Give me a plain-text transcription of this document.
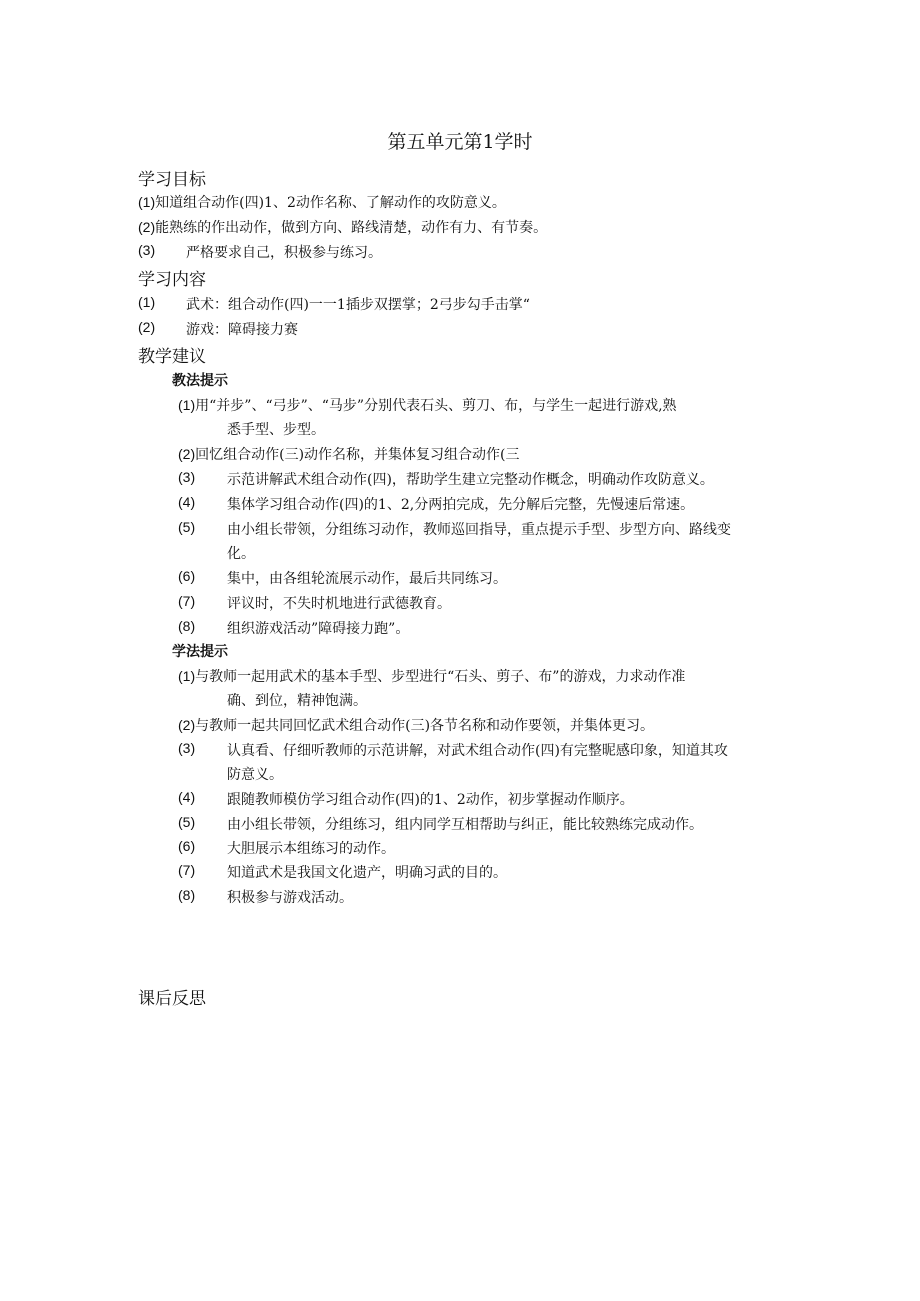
第五单元第1学时
学习目标
(1)知道组合动作(四)1、2动作名称、了解动作的攻防意义。
(2)能熟练的作出动作，做到方向、路线清楚，动作有力、有节奏。
(3) 严格要求自己，积极参与练习。
学习内容
(1) 武术：组合动作(四)一一1插步双摆掌；2弓步勾手击掌“
(2) 游戏：障碍接力赛
教学建议
教法提示
(1)用“并步”、“弓步”、“马步”分别代表石头、剪刀、布，与学生一起进行游戏,熟
悉手型、步型。
(2)回忆组合动作(三)动作名称，并集体复习组合动作(三
(3) 示范讲解武术组合动作(四)，帮助学生建立完整动作概念，明确动作攻防意义。
(4) 集体学习组合动作(四)的1、2,分两拍完成，先分解后完整，先慢速后常速。
(5) 由小组长带领，分组练习动作，教师巡回指导，重点提示手型、步型方向、路线变
化。
(6) 集中，由各组轮流展示动作，最后共同练习。
(7) 评议时，不失时机地进行武德教育。
(8) 组织游戏活动”障碍接力跑”。
学法提示
(1)与教师一起用武术的基本手型、步型进行“石头、剪子、布”的游戏，力求动作准
确、到位，精神饱满。
(2)与教师一起共同回忆武术组合动作(三)各节名称和动作要领，并集体更习。
(3) 认真看、仔细听教师的示范讲解，对武术组合动作(四)有完整昵感印象，知道其攻
防意义。
(4) 跟随教师模仿学习组合动作(四)的1、2动作，初步掌握动作顺序。
(5) 由小组长带领，分组练习，组内同学互相帮助与纠正，能比较熟练完成动作。
(6) 大胆展示本组练习的动作。
(7) 知道武术是我国文化遗产，明确习武的目的。
(8) 积极参与游戏活动。
课后反思
